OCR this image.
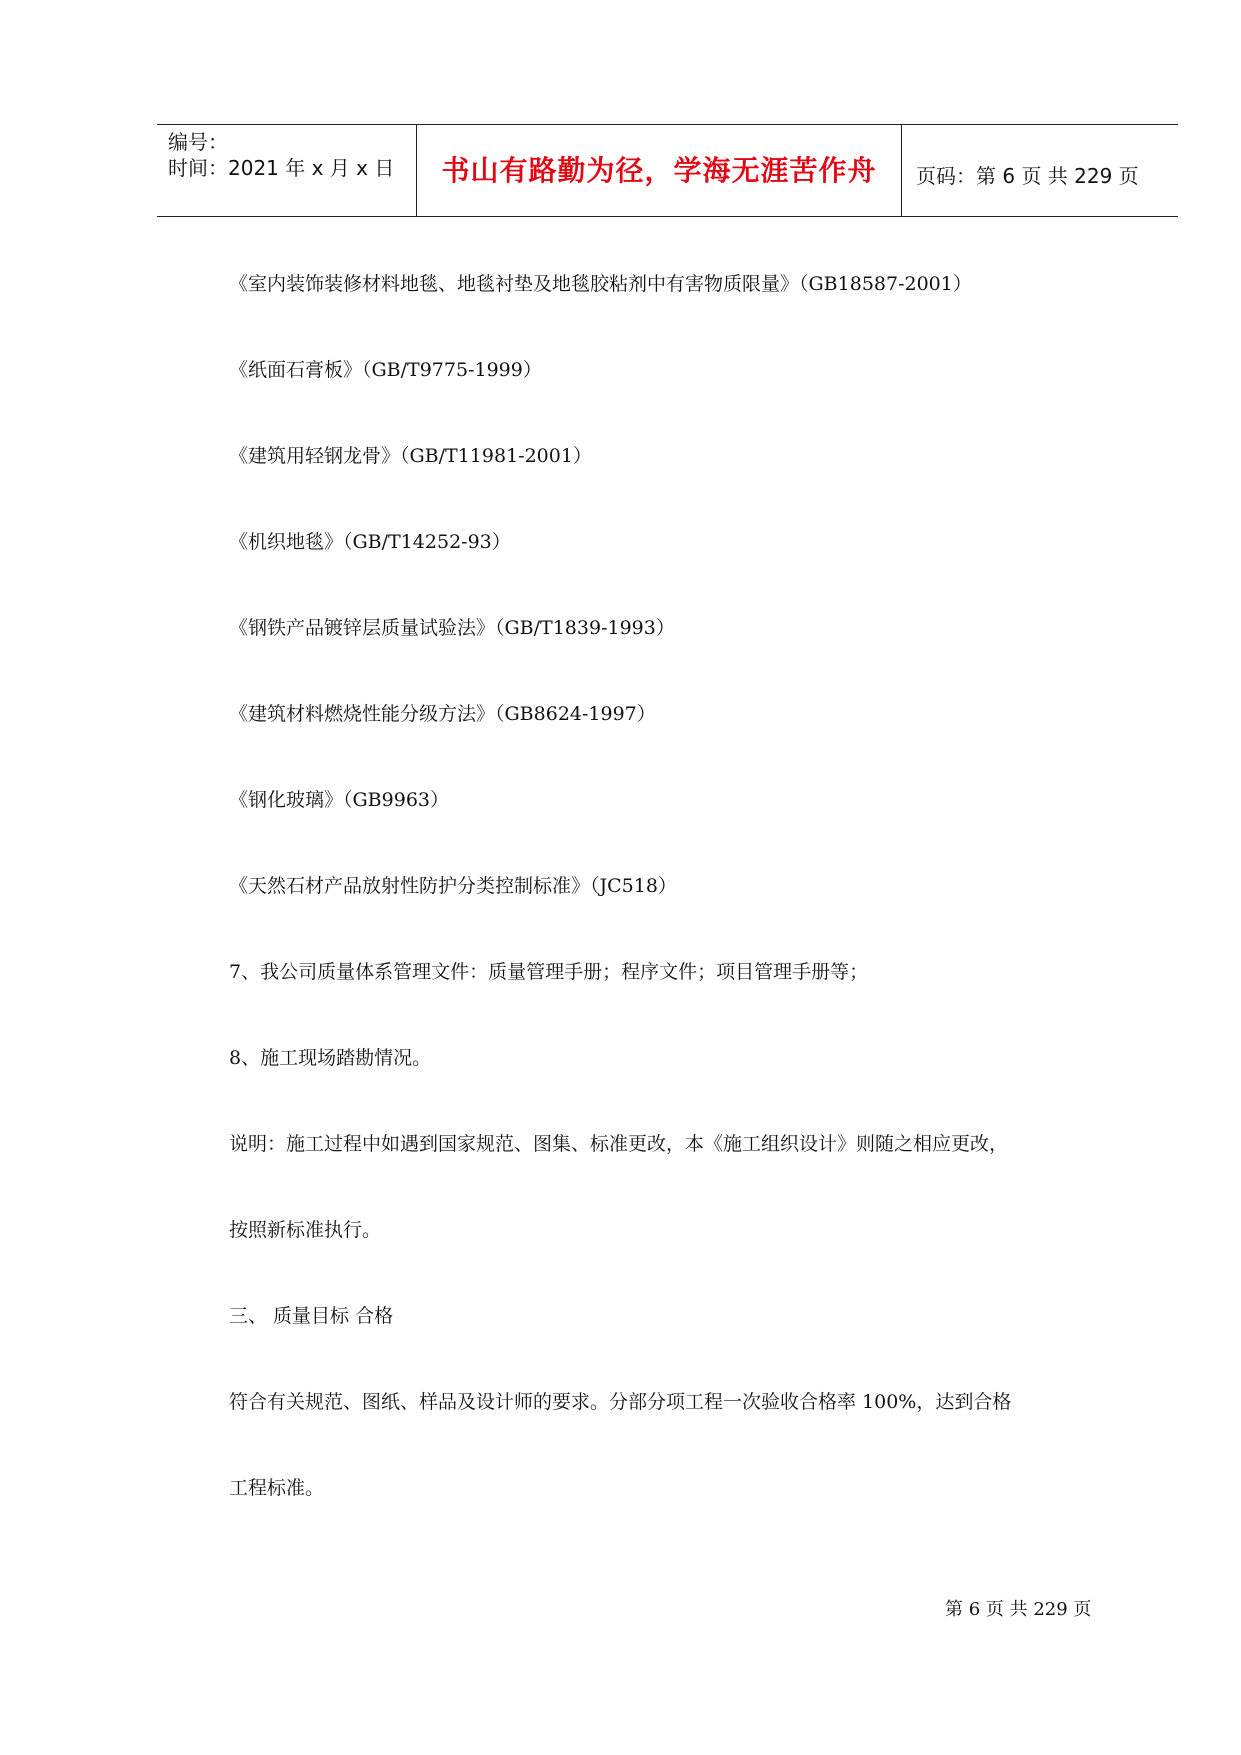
编号：
时间：2021 年 x 月 x 日	书山有路勤为径，学海无涯苦作舟 页码：第 6 页 共 229 页
《室内装饰装修材料地毯、地毯衬垫及地毯胶粘剂中有害物质限量》（GB18587-2001）
《纸面石膏板》（GB/T9775-1999）
《建筑用轻钢龙骨》（GB/T11981-2001）
《机织地毯》（GB/T14252-93）
《钢铁产品镀锌层质量试验法》（GB/T1839-1993）
《建筑材料燃烧性能分级方法》（GB8624-1997）
《钢化玻璃》（GB9963）
《天然石材产品放射性防护分类控制标准》（JC518）
7、我公司质量体系管理文件：质量管理手册；程序文件；项目管理手册等；
8、施工现场踏勘情况。
说明：施工过程中如遇到国家规范、图集、标准更改，本《施工组织设计》则随之相应更改，
按照新标准执行。
三、 质量目标 合格
符合有关规范、图纸、样品及设计师的要求。分部分项工程一次验收合格率 100%，达到合格
工程标准。
第 6 页 共 229 页
